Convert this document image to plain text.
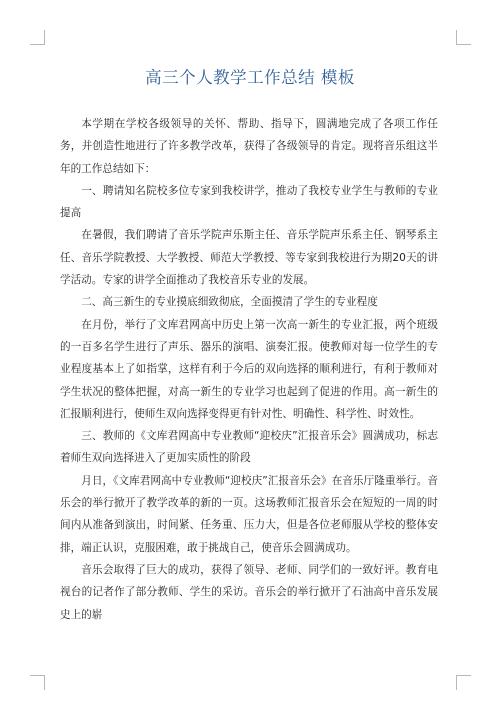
高三个人教学工作总结 模板

本学期在学校各级领导的关怀、帮助、指导下，圆满地完成了各项工作任务，并创造性地进行了许多教学改革，获得了各级领导的肯定。现将音乐组这半年的工作总结如下：

一、聘请知名院校多位专家到我校讲学，推动了我校专业学生与教师的专业提高

在暑假，我们聘请了音乐学院声乐斯主任、音乐学院声乐系主任、钢琴系主任、音乐学院教授、大学教授、师范大学教授、等专家到我校进行为期20天的讲学活动。专家的讲学全面推动了我校音乐专业的发展。

二、高三新生的专业摸底细致彻底，全面摸清了学生的专业程度

在月份，举行了文库君网高中历史上第一次高一新生的专业汇报，两个班级的一百多名学生进行了声乐、器乐的演唱、演奏汇报。使教师对每一位学生的专业程度基本上了如指掌，这样有利于今后的双向选择的顺利进行，有利于教师对学生状况的整体把握，对高一新生的专业学习也起到了促进的作用。高一新生的汇报顺利进行，使师生双向选择变得更有针对性、明确性、科学性、时效性。

三、教师的《文库君网高中专业教师“迎校庆”汇报音乐会》圆满成功，标志着师生双向选择进入了更加实质性的阶段

月日，《文库君网高中专业教师“迎校庆”汇报音乐会》在音乐厅隆重举行。音乐会的举行掀开了教学改革的新的一页。这场教师汇报音乐会在短短的一周的时间内从准备到演出，时间紧、任务重、压力大，但是各位老师服从学校的整体安排，端正认识，克服困难，敢于挑战自己，使音乐会圆满成功。

音乐会取得了巨大的成功，获得了领导、老师、同学们的一致好评。教育电视台的记者作了部分教师、学生的采访。音乐会的举行掀开了石油高中音乐发展史上的崭
